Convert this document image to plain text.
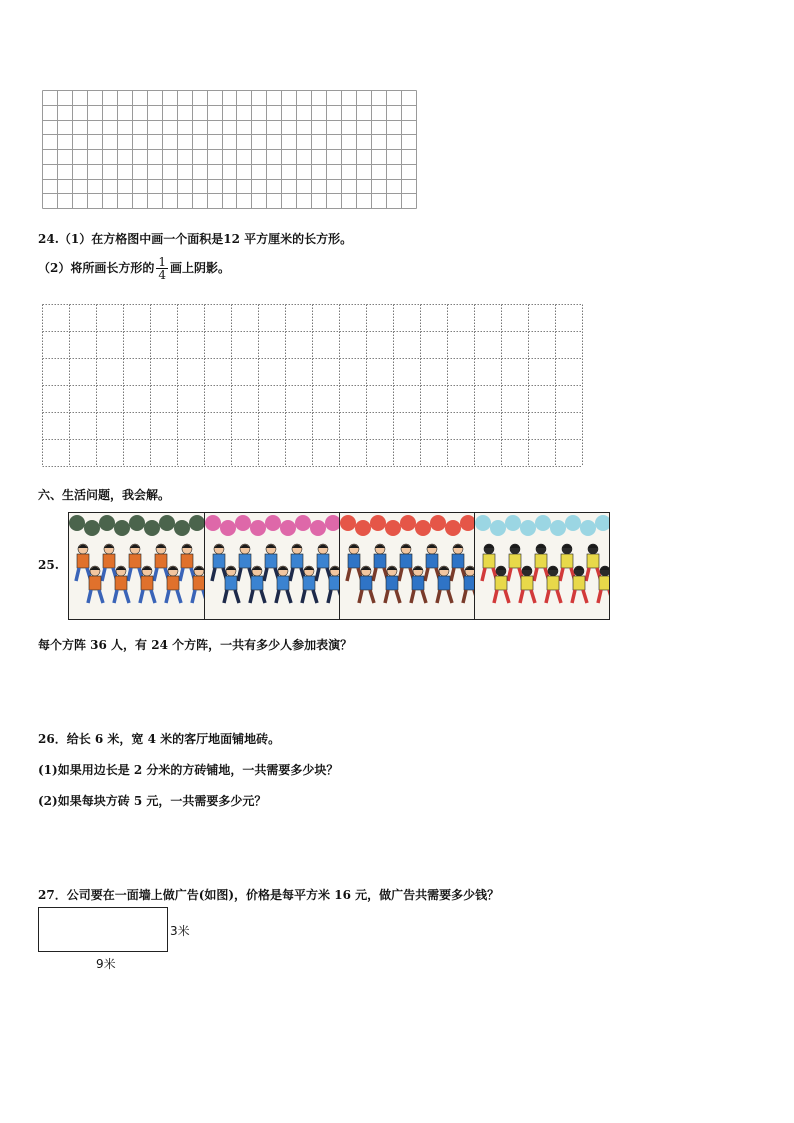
24.（1）在方格图中画一个面积是12 平方厘米的长方形。
（2）将所画长方形的 $\frac{1}{4}$ 画上阴影。
六、生活问题，我会解。
25.
每个方阵 36 人，有 24 个方阵，一共有多少人参加表演？
26．给长 6 米，宽 4 米的客厅地面铺地砖。
(1)如果用边长是 2 分米的方砖铺地，一共需要多少块？
(2)如果每块方砖 5 元，一共需要多少元？
27．公司要在一面墙上做广告(如图)，价格是每平方米 16 元，做广告共需要多少钱？
3米
9米
